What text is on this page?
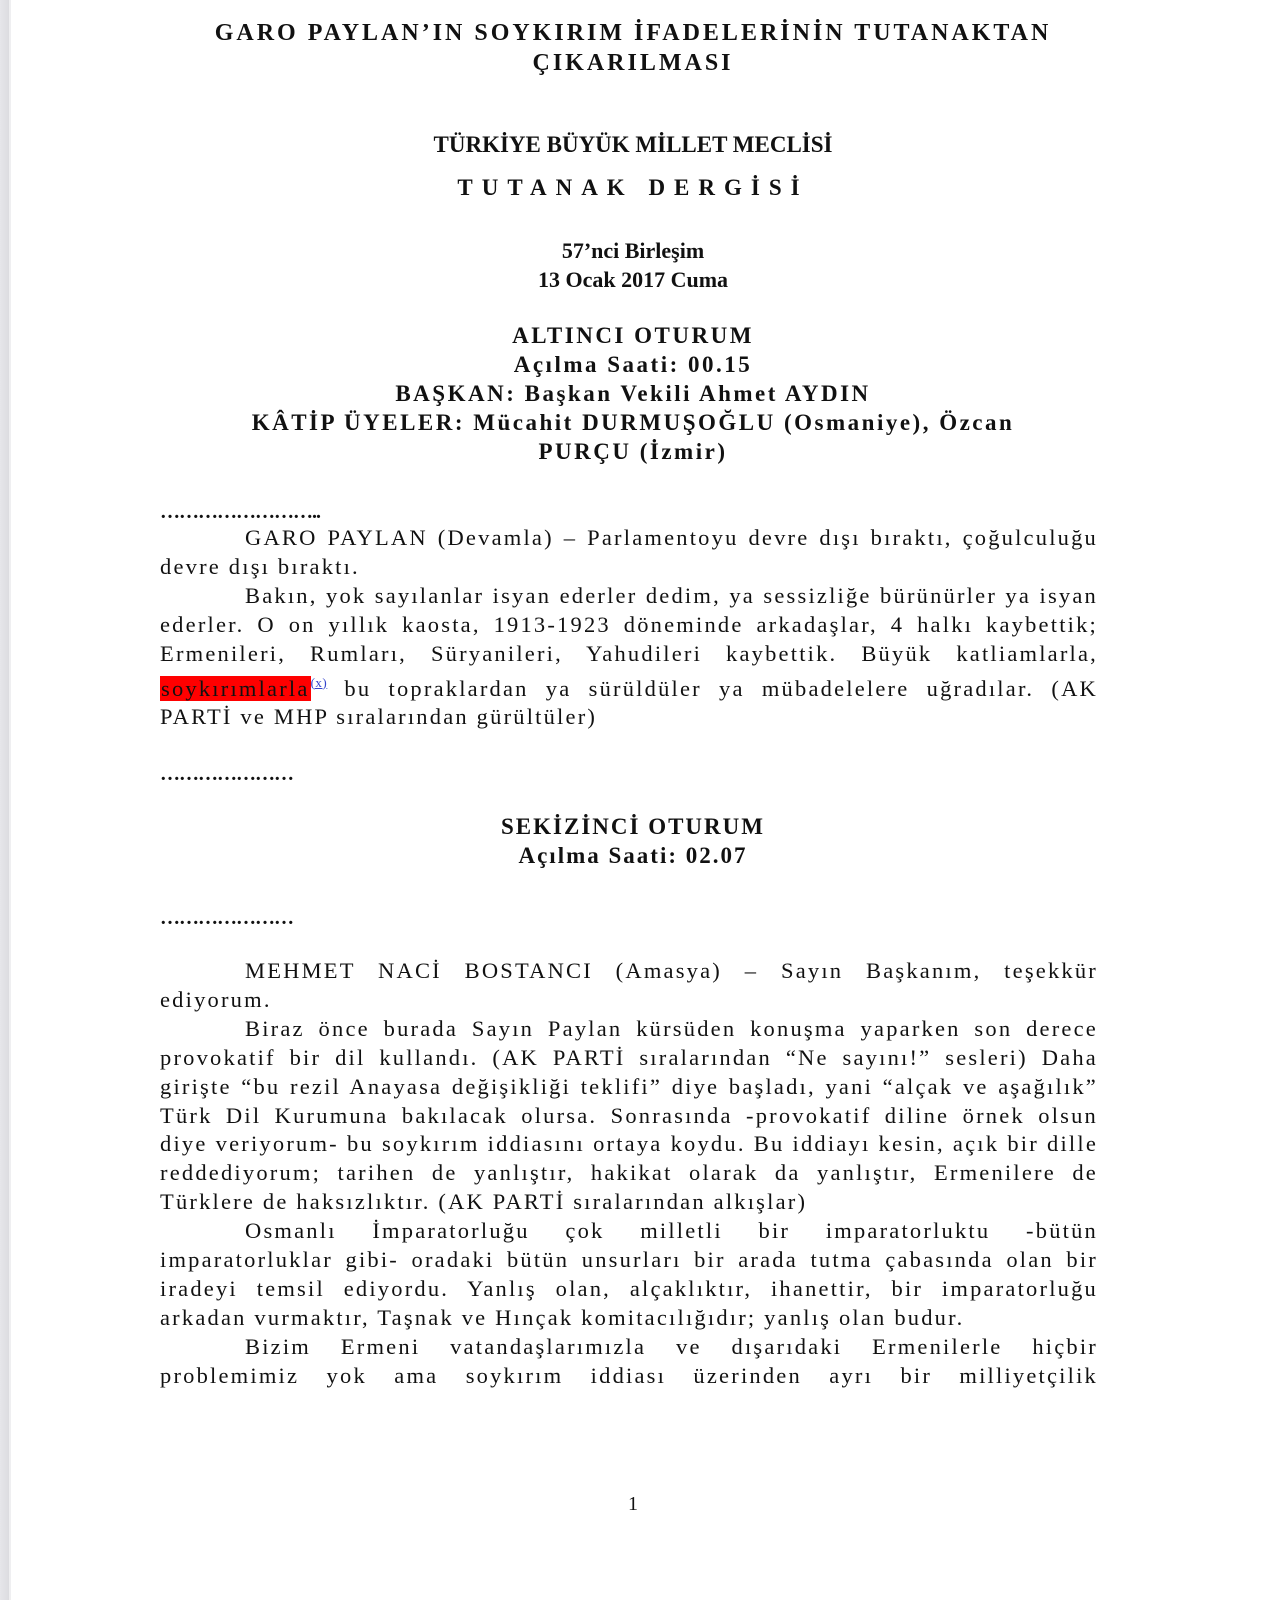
GARO PAYLAN’IN SOYKIRIM İFADELERİNİN TUTANAKTAN
ÇIKARILMASI
TÜRKİYE BÜYÜK MİLLET MECLİSİ
TUTANAK DERGİSİ
57’nci Birleşim
13 Ocak 2017 Cuma
ALTINCI OTURUM
Açılma Saati: 00.15
BAŞKAN: Başkan Vekili Ahmet AYDIN
KÂTİP ÜYELER: Mücahit DURMUŞOĞLU (Osmaniye), Özcan
PURÇU (İzmir)
……………………..

GARO PAYLAN (Devamla) – Parlamentoyu devre dışı bıraktı, çoğulculuğu devre dışı bıraktı.

Bakın, yok sayılanlar isyan ederler dedim, ya sessizliğe bürünürler ya isyan ederler. O on yıllık kaosta, 1913-1923 döneminde arkadaşlar, 4 halkı kaybettik; Ermenileri, Rumları, Süryanileri, Yahudileri kaybettik. Büyük katliamlarla, soykırımlarla$^{(x)}$ bu topraklardan ya sürüldüler ya mübadelelere uğradılar. (AK PARTİ ve MHP sıralarından gürültüler)

…………………
SEKİZİNCİ OTURUM
Açılma Saati: 02.07
…………………

MEHMET NACİ BOSTANCI (Amasya) – Sayın Başkanım, teşekkür ediyorum.

Biraz önce burada Sayın Paylan kürsüden konuşma yaparken son derece provokatif bir dil kullandı. (AK PARTİ sıralarından “Ne sayını!” sesleri) Daha girişte “bu rezil Anayasa değişikliği teklifi” diye başladı, yani “alçak ve aşağılık” Türk Dil Kurumuna bakılacak olursa. Sonrasında -provokatif diline örnek olsun diye veriyorum- bu soykırım iddiasını ortaya koydu. Bu iddiayı kesin, açık bir dille reddediyorum; tarihen de yanlıştır, hakikat olarak da yanlıştır, Ermenilere de Türklere de haksızlıktır. (AK PARTİ sıralarından alkışlar)

Osmanlı İmparatorluğu çok milletli bir imparatorluktu -bütün imparatorluklar gibi- oradaki bütün unsurları bir arada tutma çabasında olan bir iradeyi temsil ediyordu. Yanlış olan, alçaklıktır, ihanettir, bir imparatorluğu arkadan vurmaktır, Taşnak ve Hınçak komitacılığıdır; yanlış olan budur.

Bizim Ermeni vatandaşlarımızla ve dışarıdaki Ermenilerle hiçbir problemimiz yok ama soykırım iddiası üzerinden ayrı bir milliyetçilik

1
